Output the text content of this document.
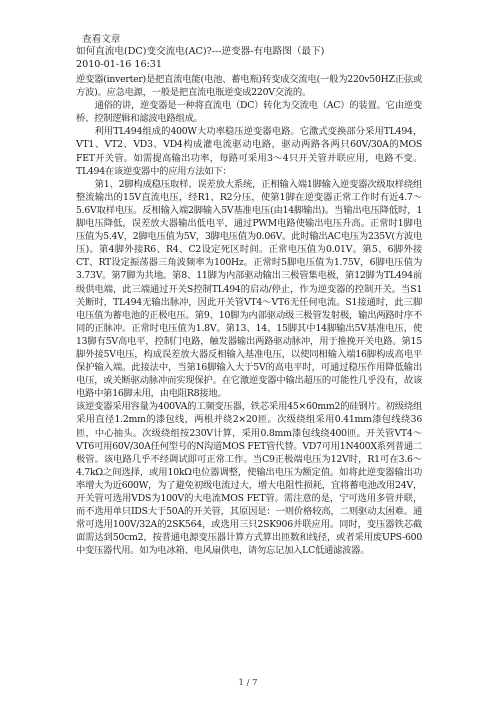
查看文章
如何直流电(DC)变交流电(AC)?---逆变器-有电路图（最下)
2010-01-16 16:31

逆变器(inverter)是把直流电能(电池、蓄电瓶)转变成交流电(一般为220v50HZ正弦或方波)。应急电源，一般是把直流电瓶逆变成220V交流的。

通俗的讲，逆变器是一种将直流电（DC）转化为交流电（AC）的装置。它由逆变桥、控制逻辑和滤波电路组成。

利用TL494组成的400W大功率稳压逆变器电路。它激式变换部分采用TL494，VT1、VT2、VD3、VD4构成灌电流驱动电路，驱动两路各两只60V/30A的MOS FET开关管。如需提高输出功率，每路可采用3～4只开关管并联应用，电路不变。TL494在该逆变器中的应用方法如下：

第1、2脚构成稳压取样、误差放大系统，正相输入端1脚输入逆变器次级取样绕组整流输出的15V直流电压，经R1、R2分压，使第1脚在逆变器正常工作时有近4.7～5.6V取样电压。反相输入端2脚输入5V基准电压(由14脚输出)。当输出电压降低时，1脚电压降低，误差放大器输出低电平，通过PWM电路使输出电压升高。正常时1脚电压值为5.4V，2脚电压值为5V，3脚电压值为0.06V。此时输出AC电压为235V(方波电压)。第4脚外接R6、R4、C2设定死区时间。正常电压值为0.01V。第5、6脚外接CT、RT设定振荡器三角波频率为100Hz。正常时5脚电压值为1.75V，6脚电压值为3.73V。第7脚为共地。第8、11脚为内部驱动输出三极管集电极，第12脚为TL494前级供电端，此三端通过开关S控制TL494的启动/停止，作为逆变器的控制开关。当S1关断时，TL494无输出脉冲，因此开关管VT4～VT6无任何电流。S1接通时，此三脚电压值为蓄电池的正极电压。第9、10脚为内部驱动级三极管发射极，输出两路时序不同的正脉冲。正常时电压值为1.8V。第13、14、15脚其中14脚输出5V基准电压，使13脚有5V高电平，控制门电路，触发器输出两路驱动脉冲，用于推挽开关电路。第15脚外接5V电压，构成误差放大器反相输入基准电压，以使同相输入端16脚构成高电平保护输入端。此接法中，当第16脚输入大于5V的高电平时，可通过稳压作用降低输出电压，或关断驱动脉冲而实现保护。在它激逆变器中输出超压的可能性几乎没有，故该电路中第16脚未用，由电阻R8接地。

该逆变器采用容量为400VA的工频变压器，铁芯采用45×60mm2的硅钢片。初级绕组采用直径1.2mm的漆包线，两根并绕2×20匝。次级绕组采用0.41mm漆包线绕36匝，中心抽头。次级绕组按230V计算，采用0.8mm漆包线绕400匝。开关管VT4～VT6可用60V/30A任何型号的N沟道MOS FET管代替。VD7可用1N400X系列普通二极管。该电路几乎不经调试即可正常工作。当C9正极端电压为12V时，R1可在3.6～4.7kΩ之间选择，或用10kΩ电位器调整，使输出电压为额定值。如将此逆变器输出功率增大为近600W，为了避免初级电流过大，增大电阻性损耗，宜将蓄电池改用24V，开关管可选用VDS为100V的大电流MOS FET管。需注意的是，宁可选用多管并联，而不选用单只IDS大于50A的开关管，其原因是：一则价格较高，二则驱动太困难。通常可选用100V/32A的2SK564，或选用三只2SK906并联应用。同时，变压器铁芯截面需达到50cm2，按普通电源变压器计算方式算出匝数和线径，或者采用废UPS-600中变压器代用。如为电冰箱、电风扇供电，请勿忘记加入LC低通滤波器。

1 / 7
